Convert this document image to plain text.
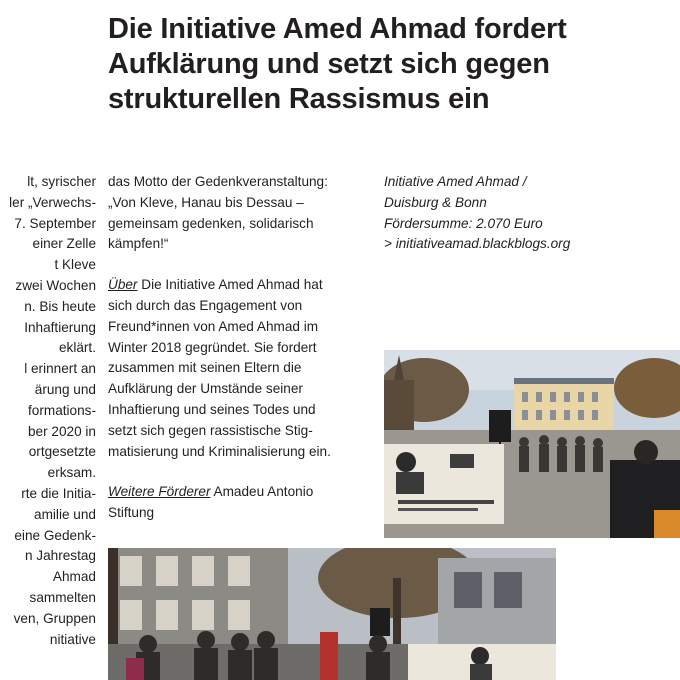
Die Initiative Amed Ahmad fordert
Aufklärung und setzt sich gegen
strukturellen Rassismus ein
lt, syrischer
ler „Verwechs-
7. September
einer Zelle
t Kleve
zwei Wochen
n. Bis heute
Inhaftierung
eklärt.
l erinnert an
ärung und
formations-
ber 2020 in
ortgesetzte
erksam.
rte die Initia-
amilie und
eine Gedenk-
n Jahrestag
Ahmad
sammelten
ven, Gruppen
nitiative
das Motto der Gedenkveranstaltung:
„Von Kleve, Hanau bis Dessau –
gemeinsam gedenken, solidarisch
kämpfen!“
Über Die Initiative Amed Ahmad hat
sich durch das Engagement von
Freund*innen von Amed Ahmad im
Winter 2018 gegründet. Sie fordert
zusammen mit seinen Eltern die
Aufklärung der Umstände seiner
Inhaftierung und seines Todes und
setzt sich gegen rassistische Stig-
matisierung und Kriminalisierung ein.
Weitere Förderer Amadeu Antonio
Stiftung
Initiative Amed Ahmad /
Duisburg & Bonn
Fördersumme: 2.070 Euro
> initiativeamad.blackblogs.org
